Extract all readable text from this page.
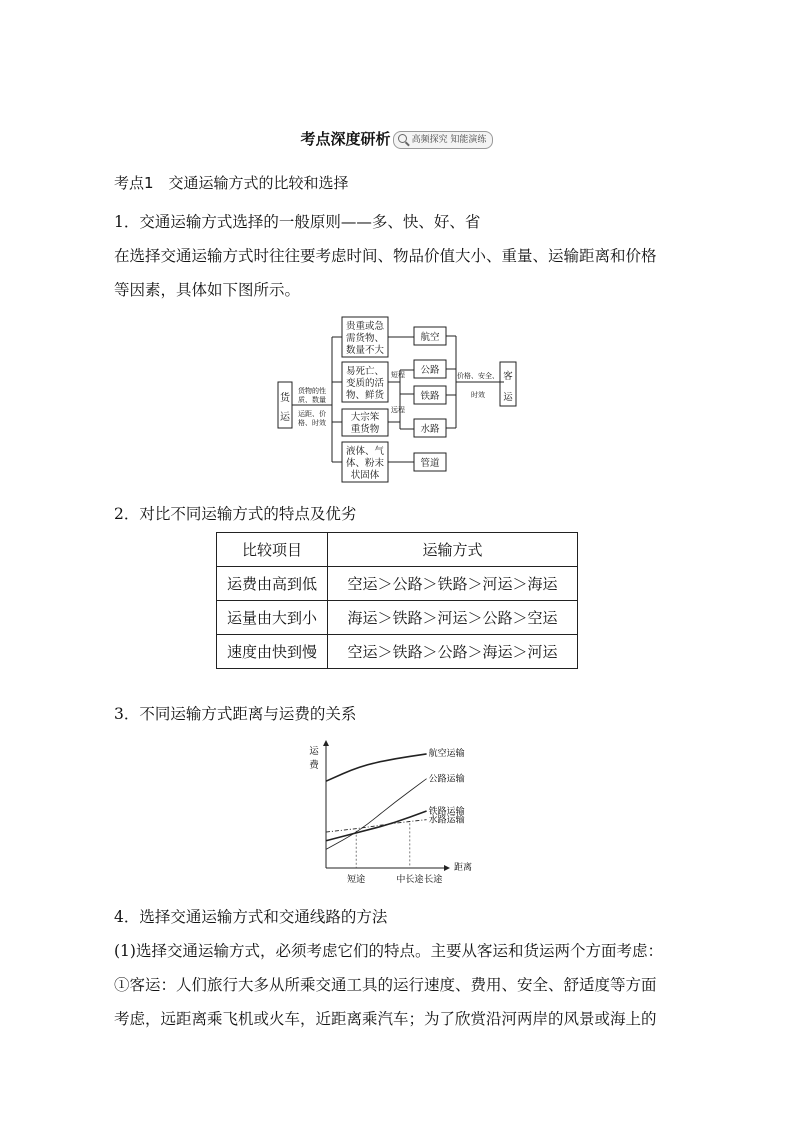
考点深度研析 高频探究 知能演练
考点1　交通运输方式的比较和选择
1．交通运输方式选择的一般原则——多、快、好、省
在选择交通运输方式时往往要考虑时间、物品价值大小、重量、运输距离和价格
等因素，具体如下图所示。
货
运
货物的性
质、数量
运距、价
格、时效
短程
远程
价格、安全、
时效
贵重或急
需货物、
数量不大
易死亡、
变质的活
物、鲜货
大宗笨
重货物
液体、气
体、粉末
状固体
航空
公路
铁路
水路
管道
客
运
2．对比不同运输方式的特点及优劣
比较项目	运输方式
运费由高到低	空运＞公路＞铁路＞河运＞海运
运量由大到小	海运＞铁路＞河运＞公路＞空运
速度由快到慢	空运＞铁路＞公路＞海运＞河运
3．不同运输方式距离与运费的关系
运
费
距离
航空运输
公路运输
铁路运输
水路运输
短途	中长途 长途
4．选择交通运输方式和交通线路的方法
(1)选择交通运输方式，必须考虑它们的特点。主要从客运和货运两个方面考虑：
①客运：人们旅行大多从所乘交通工具的运行速度、费用、安全、舒适度等方面
考虑，远距离乘飞机或火车，近距离乘汽车；为了欣赏沿河两岸的风景或海上的
